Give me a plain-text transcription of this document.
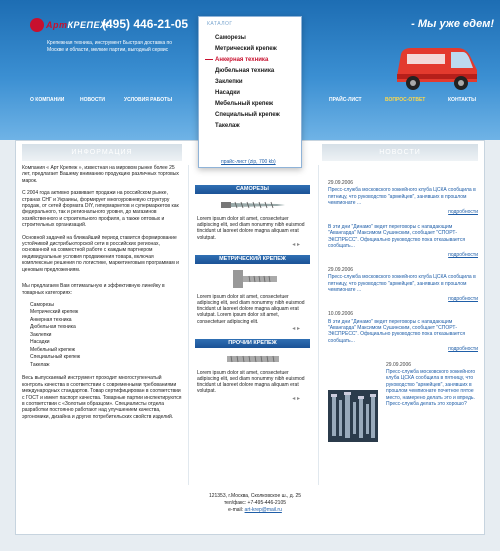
АртКРЕПЕЖ
(495) 446-21-05
Крепежная техника, инструмент Быстрая доставка по Москве и области, мелкие партии, выгодный сервис
- Мы уже едем!
О КОМПАНИИ	НОВОСТИ	УСЛОВИЯ РАБОТЫ	ПРАЙС-ЛИСТ	ВОПРОС-ОТВЕТ	КОНТАКТЫ
ИНФОРМАЦИЯ	НОВОСТИ
КАТАЛОГ
Саморезы
Метрический крепеж
Анкерная техника
Дюбельная техника
Заклепки
Насадки
Мебельный крепеж
Специальный крепеж
Такелаж
прайс-лист (zip, 700 kb)

Компания « Арт Крепеж », известная на мировом рынке более 25 лет, предлагает Вашему вниманию продукцию различных торговых марок.

С 2004 года активно развивает продажи на российском рынке, странах СНГ и Украины, формирует многоуровневую структуру продаж, от сетей формата DIY, гипермаркетов и супермаркетов как федерального, так и регионального уровня, до магазинов хозяйственного и строительного профиля, а также оптовых и строительных организаций.

Основной задачей на ближайший период ставится формирование устойчивой дистрибьюторской сети в российских регионах, основанной на совместной работе с каждым партнером индивидуальные условия продвижения товара, включая комплексные решения по логистике, маркетинговым программам и ценовым предложениям.

Мы предлагаем Вам оптимальную и эффективную линейку в товарных категориях:

Саморезы
Метрический крепеж
Анкерная техника
Дюбельная техника
Заклепки
Насадки
Мебельный крепеж
Специальный крепеж
Такелаж

Весь выпускаемый инструмент проходит многоступенчатый контроль качества в соответствии с современными требованиями международных стандартов. Товар сертифицирован в соответствии с ГОСТ и имеет паспорт качества. Товарные партии инспектируются в соответствии с «Золотым образцом». Специалисты отдела разработки постоянно работают над улучшением качества, эргономики, дизайна и других потребительских свойств изделий.

САМОРЕЗЫ
Lorem ipsum dolor sit amet, consectetuer adipiscing elit, sed diam nonummy nibh euismod tincidunt ut laoreet dolore magna aliquam erat volutpat.
◂ ▸
МЕТРИЧЕСКИЙ КРЕПЕЖ
Lorem ipsum dolor sit amet, consectetuer adipiscing elit, sed diam nonummy nibh euismod tincidunt ut laoreet dolore magna aliquam erat volutpat. Lorem ipsum dolor sit amet, consectetuer adipiscing elit.
◂ ▸
ПРОЧИИ КРЕПЕЖ
Lorem ipsum dolor sit amet, consectetuer adipiscing elit, sed diam nonummy nibh euismod tincidunt ut laoreet dolore magna aliquam erat volutpat.
◂ ▸
29.09.2006
Пресс-служба московского хоккейного клуба ЦСКА сообщила в пятницу, что руководство "армейцев", занявших в прошлом чемпионате ...
подробности
В эти дни "Динамо" ведет переговоры с нападающим "Авангарда" Максимом Сушинским, сообщает "СПОРТ-ЭКСПРЕСС". Официально руководство пока отказывается сообщать...
подробности
29.09.2006
Пресс-служба московского хоккейного клуба ЦСКА сообщила в пятницу, что руководство "армейцев", занявших в прошлом чемпионате ...
подробности
10.09.2006
В эти дни "Динамо" ведет переговоры с нападающим "Авангарда" Максимом Сушинским, сообщает "СПОРТ-ЭКСПРЕСС". Официально руководство пока отказывается сообщать...
подробности
29.09.2006
Пресс-служба московского хоккейного клуба ЦСКА сообщила в пятницу, что руководство "армейцев", занявших в прошлом чемпионате почетное пятое место, намерено делать это и впредь. Пресс-служба делать это хорошо?
121353, г.Москва, Сколковское ш., д. 25
тел/факс: +7-495-446-2105
e-mail: art-krep@mail.ru
